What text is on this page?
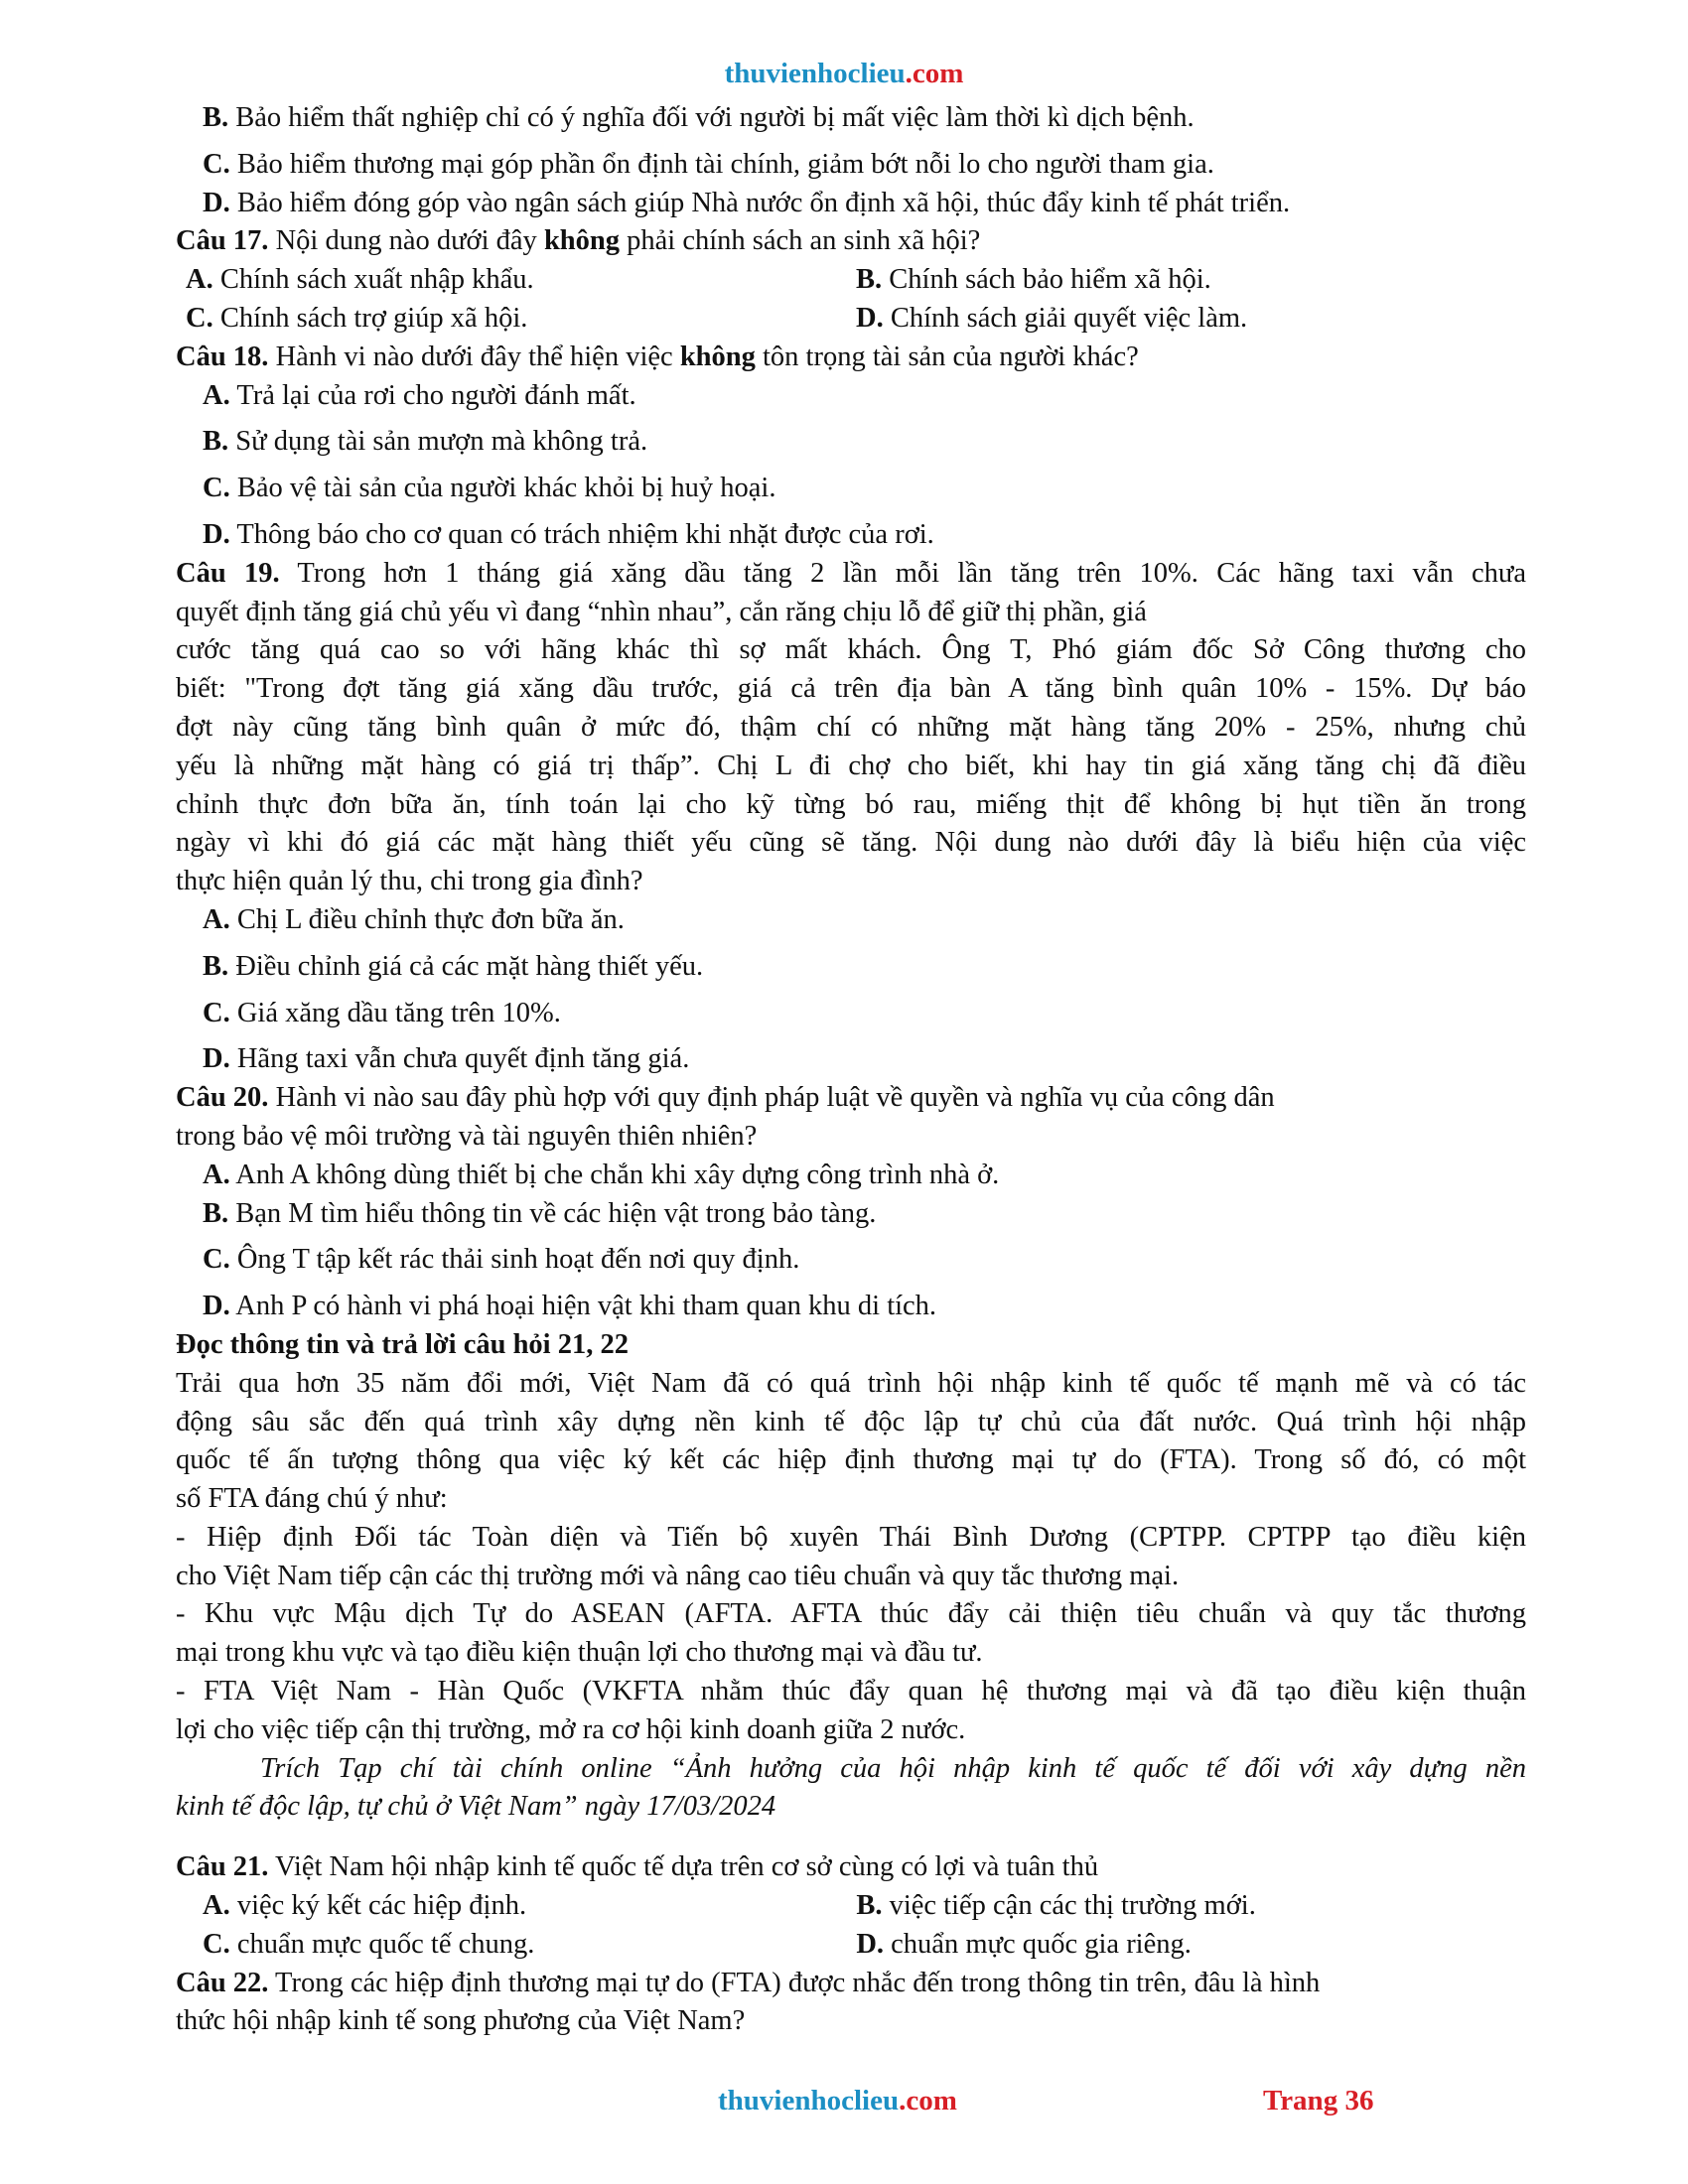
thuvienhoclieu.com
B. Bảo hiểm thất nghiệp chỉ có ý nghĩa đối với người bị mất việc làm thời kì dịch bệnh.
C. Bảo hiểm thương mại góp phần ổn định tài chính, giảm bớt nỗi lo cho người tham gia.
D. Bảo hiểm đóng góp vào ngân sách giúp Nhà nước ổn định xã hội, thúc đẩy kinh tế phát triển.
Câu 17. Nội dung nào dưới đây không phải chính sách an sinh xã hội?
A. Chính sách xuất nhập khẩu.	B. Chính sách bảo hiểm xã hội.
C. Chính sách trợ giúp xã hội.	D. Chính sách giải quyết việc làm.
Câu 18. Hành vi nào dưới đây thể hiện việc không tôn trọng tài sản của người khác?
A. Trả lại của rơi cho người đánh mất.
B. Sử dụng tài sản mượn mà không trả.
C. Bảo vệ tài sản của người khác khỏi bị huỷ hoại.
D. Thông báo cho cơ quan có trách nhiệm khi nhặt được của rơi.
Câu 19. Trong hơn 1 tháng giá xăng dầu tăng 2 lần mỗi lần tăng trên 10%. Các hãng taxi vẫn chưa
quyết định tăng giá chủ yếu vì đang “nhìn nhau”, cắn răng chịu lỗ để giữ thị phần, giá
cước tăng quá cao so với hãng khác thì sợ mất khách. Ông T, Phó giám đốc Sở Công thương cho
biết: "Trong đợt tăng giá xăng dầu trước, giá cả trên địa bàn A tăng bình quân 10% - 15%. Dự báo
đợt này cũng tăng bình quân ở mức đó, thậm chí có những mặt hàng tăng 20% - 25%, nhưng chủ
yếu là những mặt hàng có giá trị thấp”. Chị L đi chợ cho biết, khi hay tin giá xăng tăng chị đã điều
chỉnh thực đơn bữa ăn, tính toán lại cho kỹ từng bó rau, miếng thịt để không bị hụt tiền ăn trong
ngày vì khi đó giá các mặt hàng thiết yếu cũng sẽ tăng. Nội dung nào dưới đây là biểu hiện của việc
thực hiện quản lý thu, chi trong gia đình?
A. Chị L điều chỉnh thực đơn bữa ăn.
B. Điều chỉnh giá cả các mặt hàng thiết yếu.
C. Giá xăng dầu tăng trên 10%.
D. Hãng taxi vẫn chưa quyết định tăng giá.
Câu 20. Hành vi nào sau đây phù hợp với quy định pháp luật về quyền và nghĩa vụ của công dân
trong bảo vệ môi trường và tài nguyên thiên nhiên?
A. Anh A không dùng thiết bị che chắn khi xây dựng công trình nhà ở.
B. Bạn M tìm hiểu thông tin về các hiện vật trong bảo tàng.
C. Ông T tập kết rác thải sinh hoạt đến nơi quy định.
D. Anh P có hành vi phá hoại hiện vật khi tham quan khu di tích.
Đọc thông tin và trả lời câu hỏi 21, 22
Trải qua hơn 35 năm đổi mới, Việt Nam đã có quá trình hội nhập kinh tế quốc tế mạnh mẽ và có tác
động sâu sắc đến quá trình xây dựng nền kinh tế độc lập tự chủ của đất nước. Quá trình hội nhập
quốc tế ấn tượng thông qua việc ký kết các hiệp định thương mại tự do (FTA). Trong số đó, có một
số FTA đáng chú ý như:
- Hiệp định Đối tác Toàn diện và Tiến bộ xuyên Thái Bình Dương (CPTPP. CPTPP tạo điều kiện
cho Việt Nam tiếp cận các thị trường mới và nâng cao tiêu chuẩn và quy tắc thương mại.
- Khu vực Mậu dịch Tự do ASEAN (AFTA. AFTA thúc đẩy cải thiện tiêu chuẩn và quy tắc thương
mại trong khu vực và tạo điều kiện thuận lợi cho thương mại và đầu tư.
- FTA Việt Nam - Hàn Quốc (VKFTA nhằm thúc đẩy quan hệ thương mại và đã tạo điều kiện thuận
lợi cho việc tiếp cận thị trường, mở ra cơ hội kinh doanh giữa 2 nước.
Trích Tạp chí tài chính online “Ảnh hưởng của hội nhập kinh tế quốc tế đối với xây dựng nền
kinh tế độc lập, tự chủ ở Việt Nam” ngày 17/03/2024
Câu 21. Việt Nam hội nhập kinh tế quốc tế dựa trên cơ sở cùng có lợi và tuân thủ
A. việc ký kết các hiệp định.	B. việc tiếp cận các thị trường mới.
C. chuẩn mực quốc tế chung.	D. chuẩn mực quốc gia riêng.
Câu 22. Trong các hiệp định thương mại tự do (FTA) được nhắc đến trong thông tin trên, đâu là hình
thức hội nhập kinh tế song phương của Việt Nam?
thuvienhoclieu.com	Trang 36
